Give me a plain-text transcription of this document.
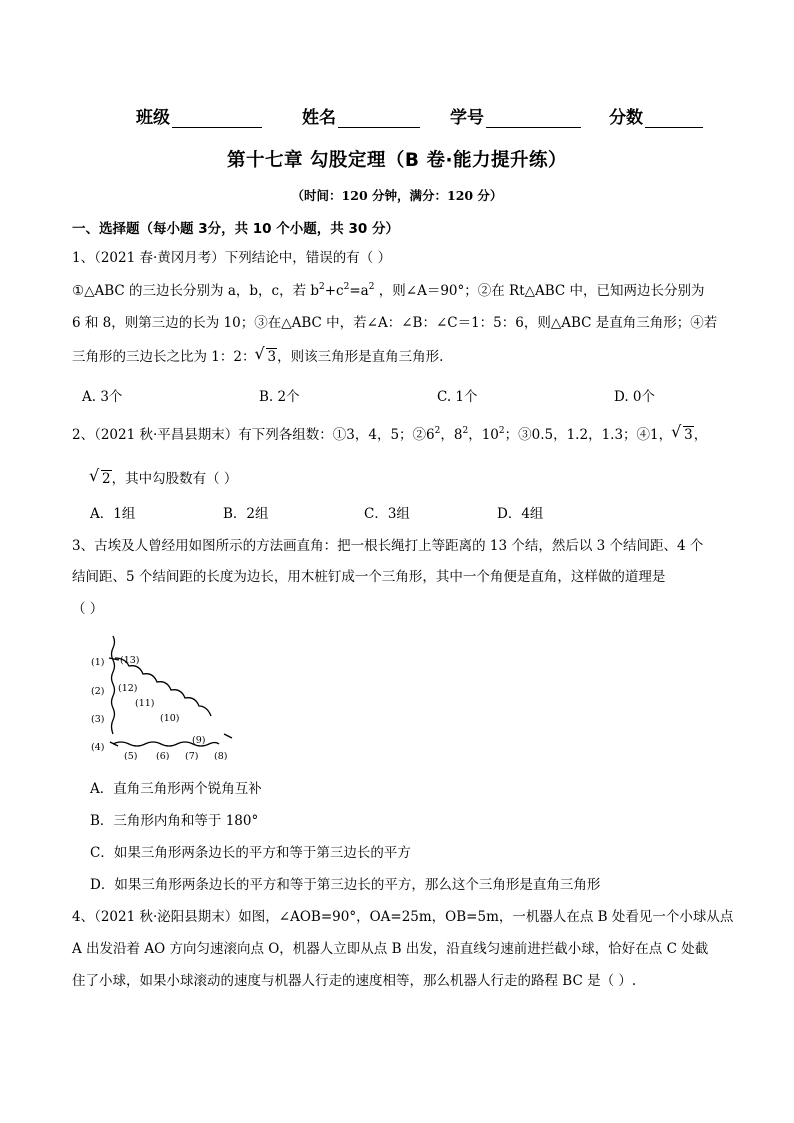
班级	姓名	学号	分数
第十七章 勾股定理（B 卷·能力提升练）
（时间：120 分钟，满分：120 分）
一、选择题（每小题 3分，共 10 个小题，共 30 分）
1、（2021 春·黄冈月考）下列结论中，错误的有（ ）
①△ABC 的三边长分别为 a，b，c，若 $b^2+c^2=a^2$ ，则∠A＝90°；②在 Rt△ABC 中，已知两边长分别为
6 和 8，则第三边的长为 10；③在△ABC 中，若∠A：∠B：∠C＝1：5：6，则△ABC 是直角三角形；④若
三角形的三边长之比为 1：2： √ 3，则该三角形是直角三角形.
A. 3个	B. 2个	C. 1个	D. 0个
2、（2021 秋·平昌县期末）有下列各组数：①3，4，5；$②6^2$，$8^2$，$10^2$；③0.5，1.2，1.3；④1， √ 3，
√ 2，其中勾股数有（ ）
A．1组	B．2组	C．3组	D．4组
3、古埃及人曾经用如图所示的方法画直角：把一根长绳打上等距离的 13 个结，然后以 3 个结间距、4 个
结间距、5 个结间距的长度为边长，用木桩钉成一个三角形，其中一个角便是直角，这样做的道理是
（ ）
(1) (13)
(2) (12)
(3)
(11)
(10)
(4)
(9)
(5) (6) (7) (8)
A．直角三角形两个锐角互补
B．三角形内角和等于 180°
C．如果三角形两条边长的平方和等于第三边长的平方
D．如果三角形两条边长的平方和等于第三边长的平方，那么这个三角形是直角三角形
4、（2021 秋·泌阳县期末）如图，∠AOB=90°，OA=25m，OB=5m，一机器人在点 B 处看见一个小球从点
A 出发沿着 AO 方向匀速滚向点 O，机器人立即从点 B 出发，沿直线匀速前进拦截小球，恰好在点 C 处截
住了小球，如果小球滚动的速度与机器人行走的速度相等，那么机器人行走的路程 BC 是（ ）.
